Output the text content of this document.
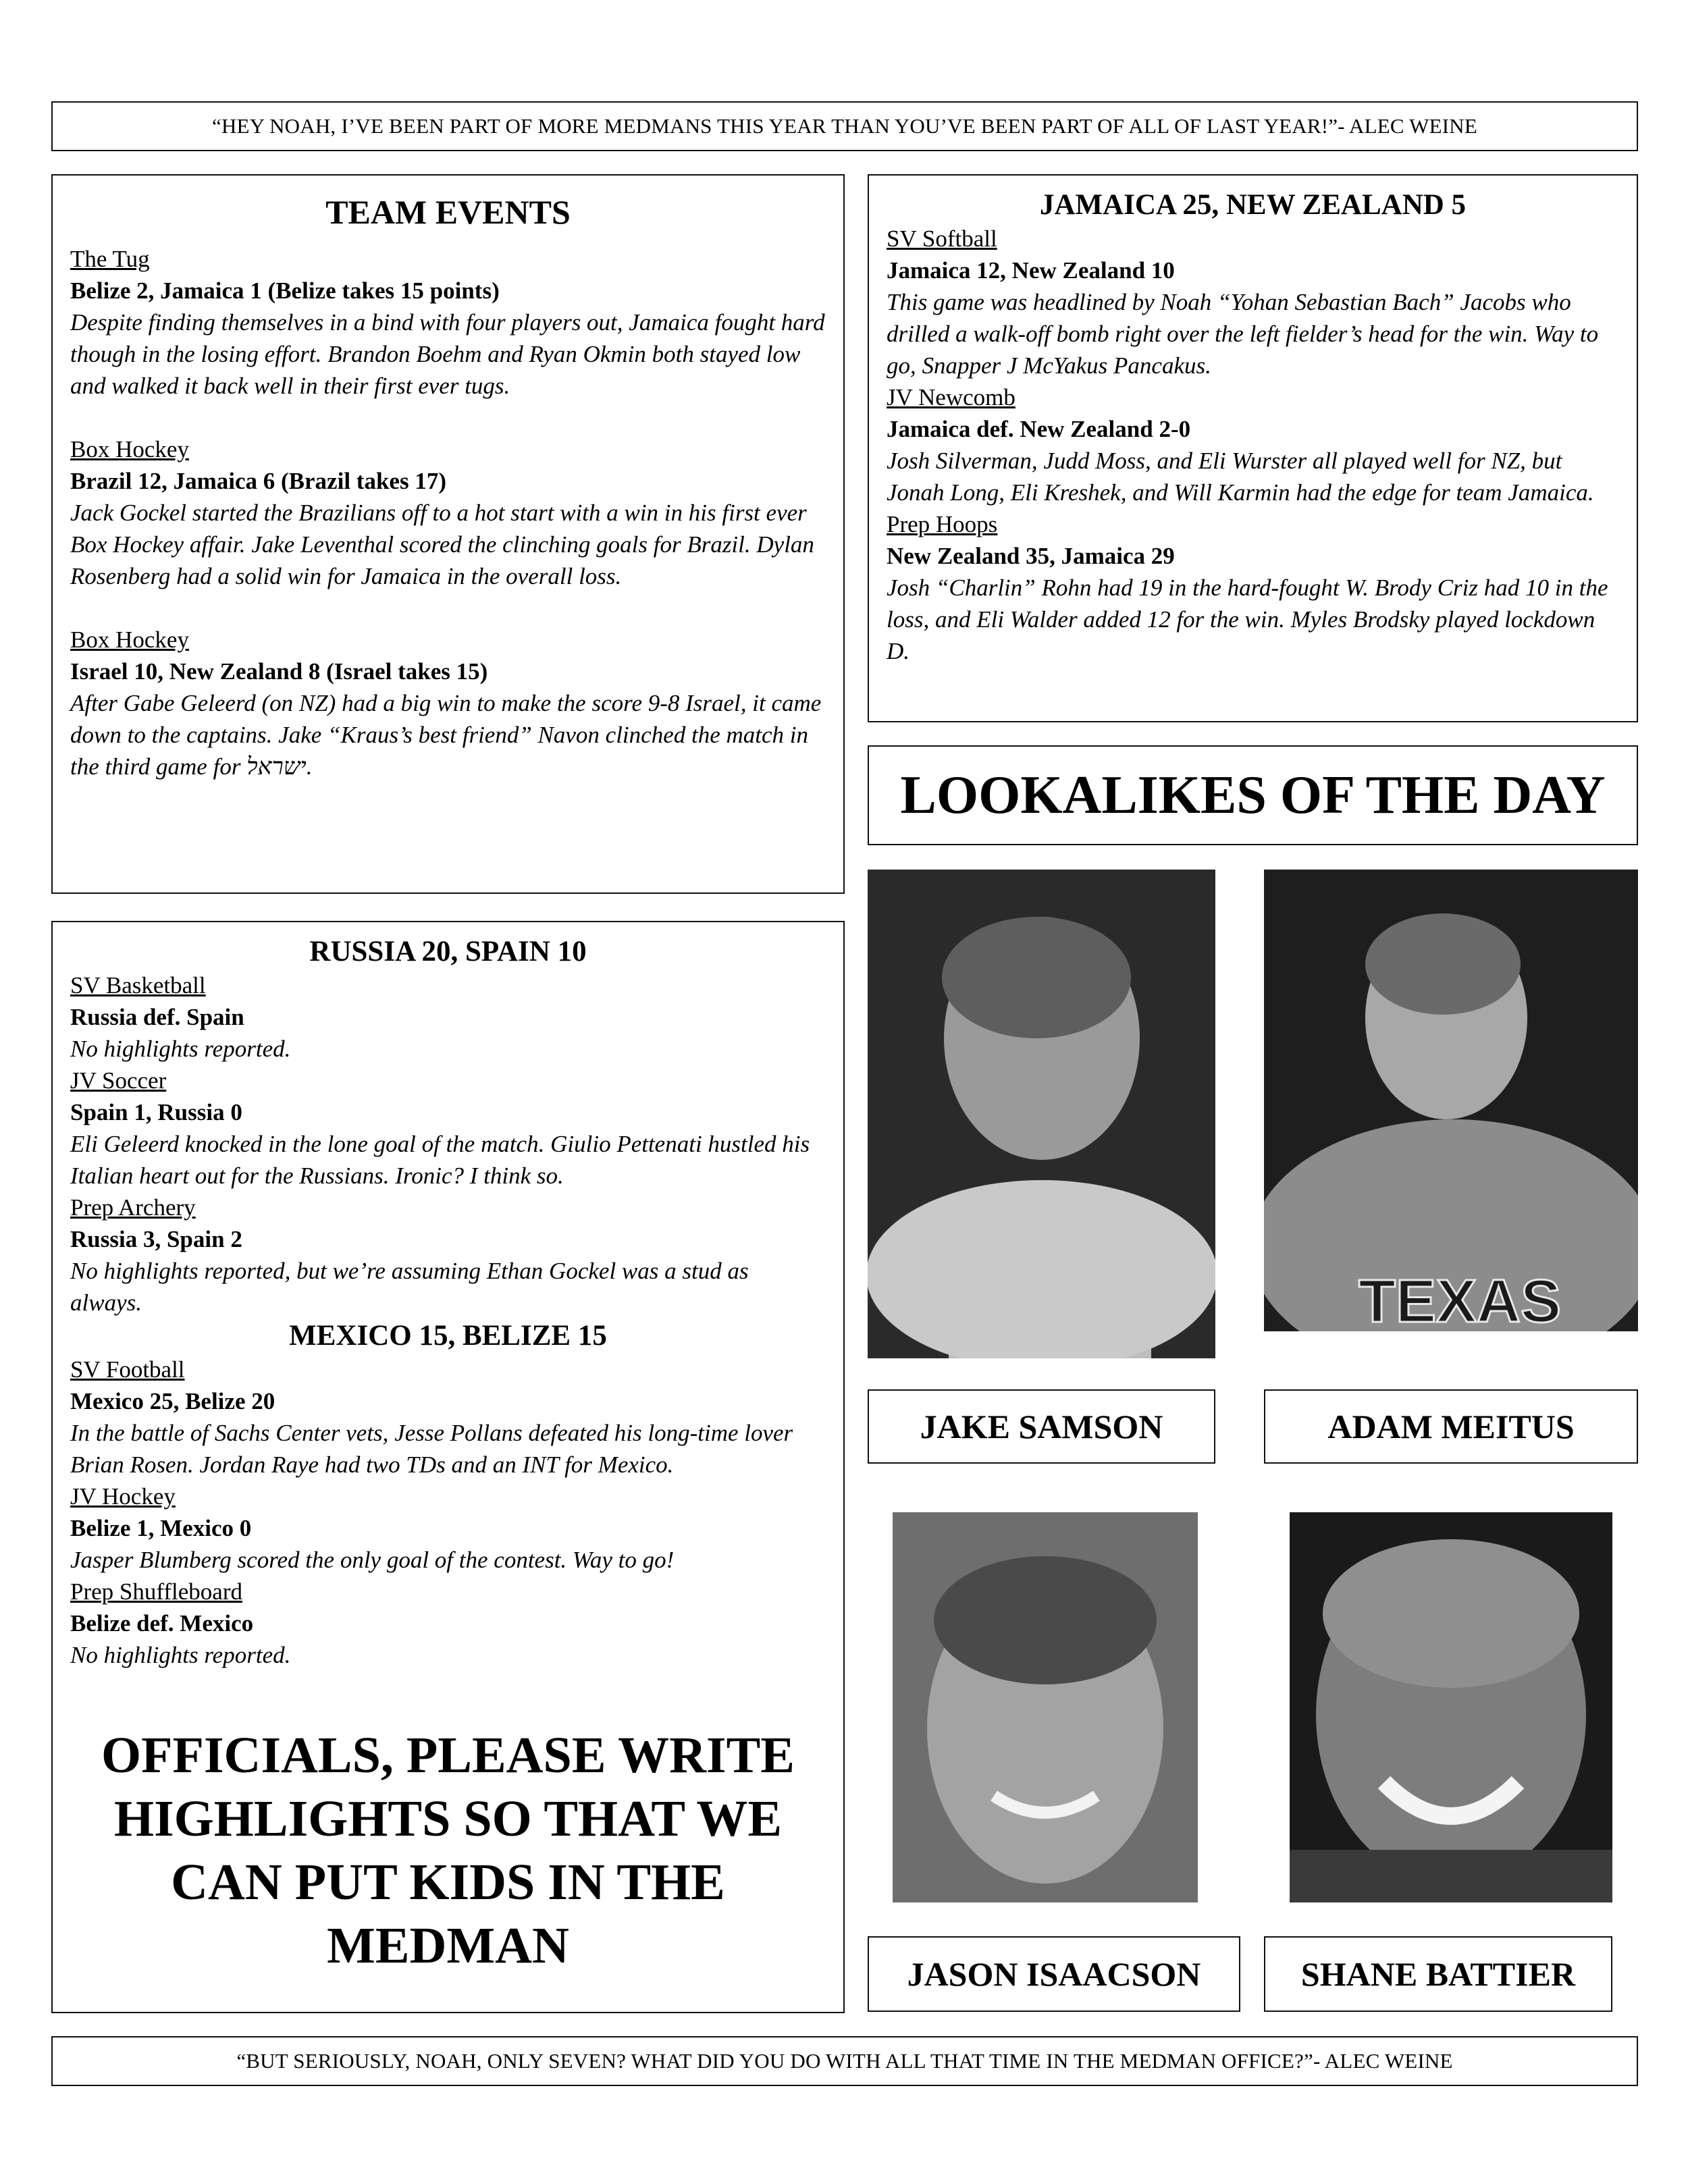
“HEY NOAH, I’VE BEEN PART OF MORE MEDMANS THIS YEAR THAN YOU’VE BEEN PART OF ALL OF LAST YEAR!”- ALEC WEINE
TEAM EVENTS
The Tug
Belize 2, Jamaica 1 (Belize takes 15 points)
Despite finding themselves in a bind with four players out, Jamaica fought hard though in the losing effort. Brandon Boehm and Ryan Okmin both stayed low and walked it back well in their first ever tugs.
Box Hockey
Brazil 12, Jamaica 6 (Brazil takes 17)
Jack Gockel started the Brazilians off to a hot start with a win in his first ever Box Hockey affair. Jake Leventhal scored the clinching goals for Brazil. Dylan Rosenberg had a solid win for Jamaica in the overall loss.
Box Hockey
Israel 10, New Zealand 8 (Israel takes 15)
After Gabe Geleerd (on NZ) had a big win to make the score 9-8 Israel, it came down to the captains. Jake “Kraus’s best friend” Navon clinched the match in the third game for ישראל.
RUSSIA 20, SPAIN 10
SV Basketball
Russia def. Spain
No highlights reported.
JV Soccer
Spain 1, Russia 0
Eli Geleerd knocked in the lone goal of the match. Giulio Pettenati hustled his Italian heart out for the Russians. Ironic? I think so.
Prep Archery
Russia 3, Spain 2
No highlights reported, but we’re assuming Ethan Gockel was a stud as always.
MEXICO 15, BELIZE 15
SV Football
Mexico 25, Belize 20
In the battle of Sachs Center vets, Jesse Pollans defeated his long-time lover Brian Rosen. Jordan Raye had two TDs and an INT for Mexico.
JV Hockey
Belize 1, Mexico 0
Jasper Blumberg scored the only goal of the contest. Way to go!
Prep Shuffleboard
Belize def. Mexico
No highlights reported.
OFFICIALS, PLEASE WRITE HIGHLIGHTS SO THAT WE CAN PUT KIDS IN THE MEDMAN
JAMAICA 25, NEW ZEALAND 5
SV Softball
Jamaica 12, New Zealand 10
This game was headlined by Noah “Yohan Sebastian Bach” Jacobs who drilled a walk-off bomb right over the left fielder’s head for the win. Way to go, Snapper J McYakus Pancakus.
JV Newcomb
Jamaica def. New Zealand 2-0
Josh Silverman, Judd Moss, and Eli Wurster all played well for NZ, but Jonah Long, Eli Kreshek, and Will Karmin had the edge for team Jamaica.
Prep Hoops
New Zealand 35, Jamaica 29
Josh “Charlin” Rohn had 19 in the hard-fought W. Brody Criz had 10 in the loss, and Eli Walder added 12 for the win. Myles Brodsky played lockdown D.
LOOKALIKES OF THE DAY
TEXAS
JAKE SAMSON	ADAM MEITUS
JASON ISAACSON	SHANE BATTIER
“BUT SERIOUSLY, NOAH, ONLY SEVEN? WHAT DID YOU DO WITH ALL THAT TIME IN THE MEDMAN OFFICE?”- ALEC WEINE
